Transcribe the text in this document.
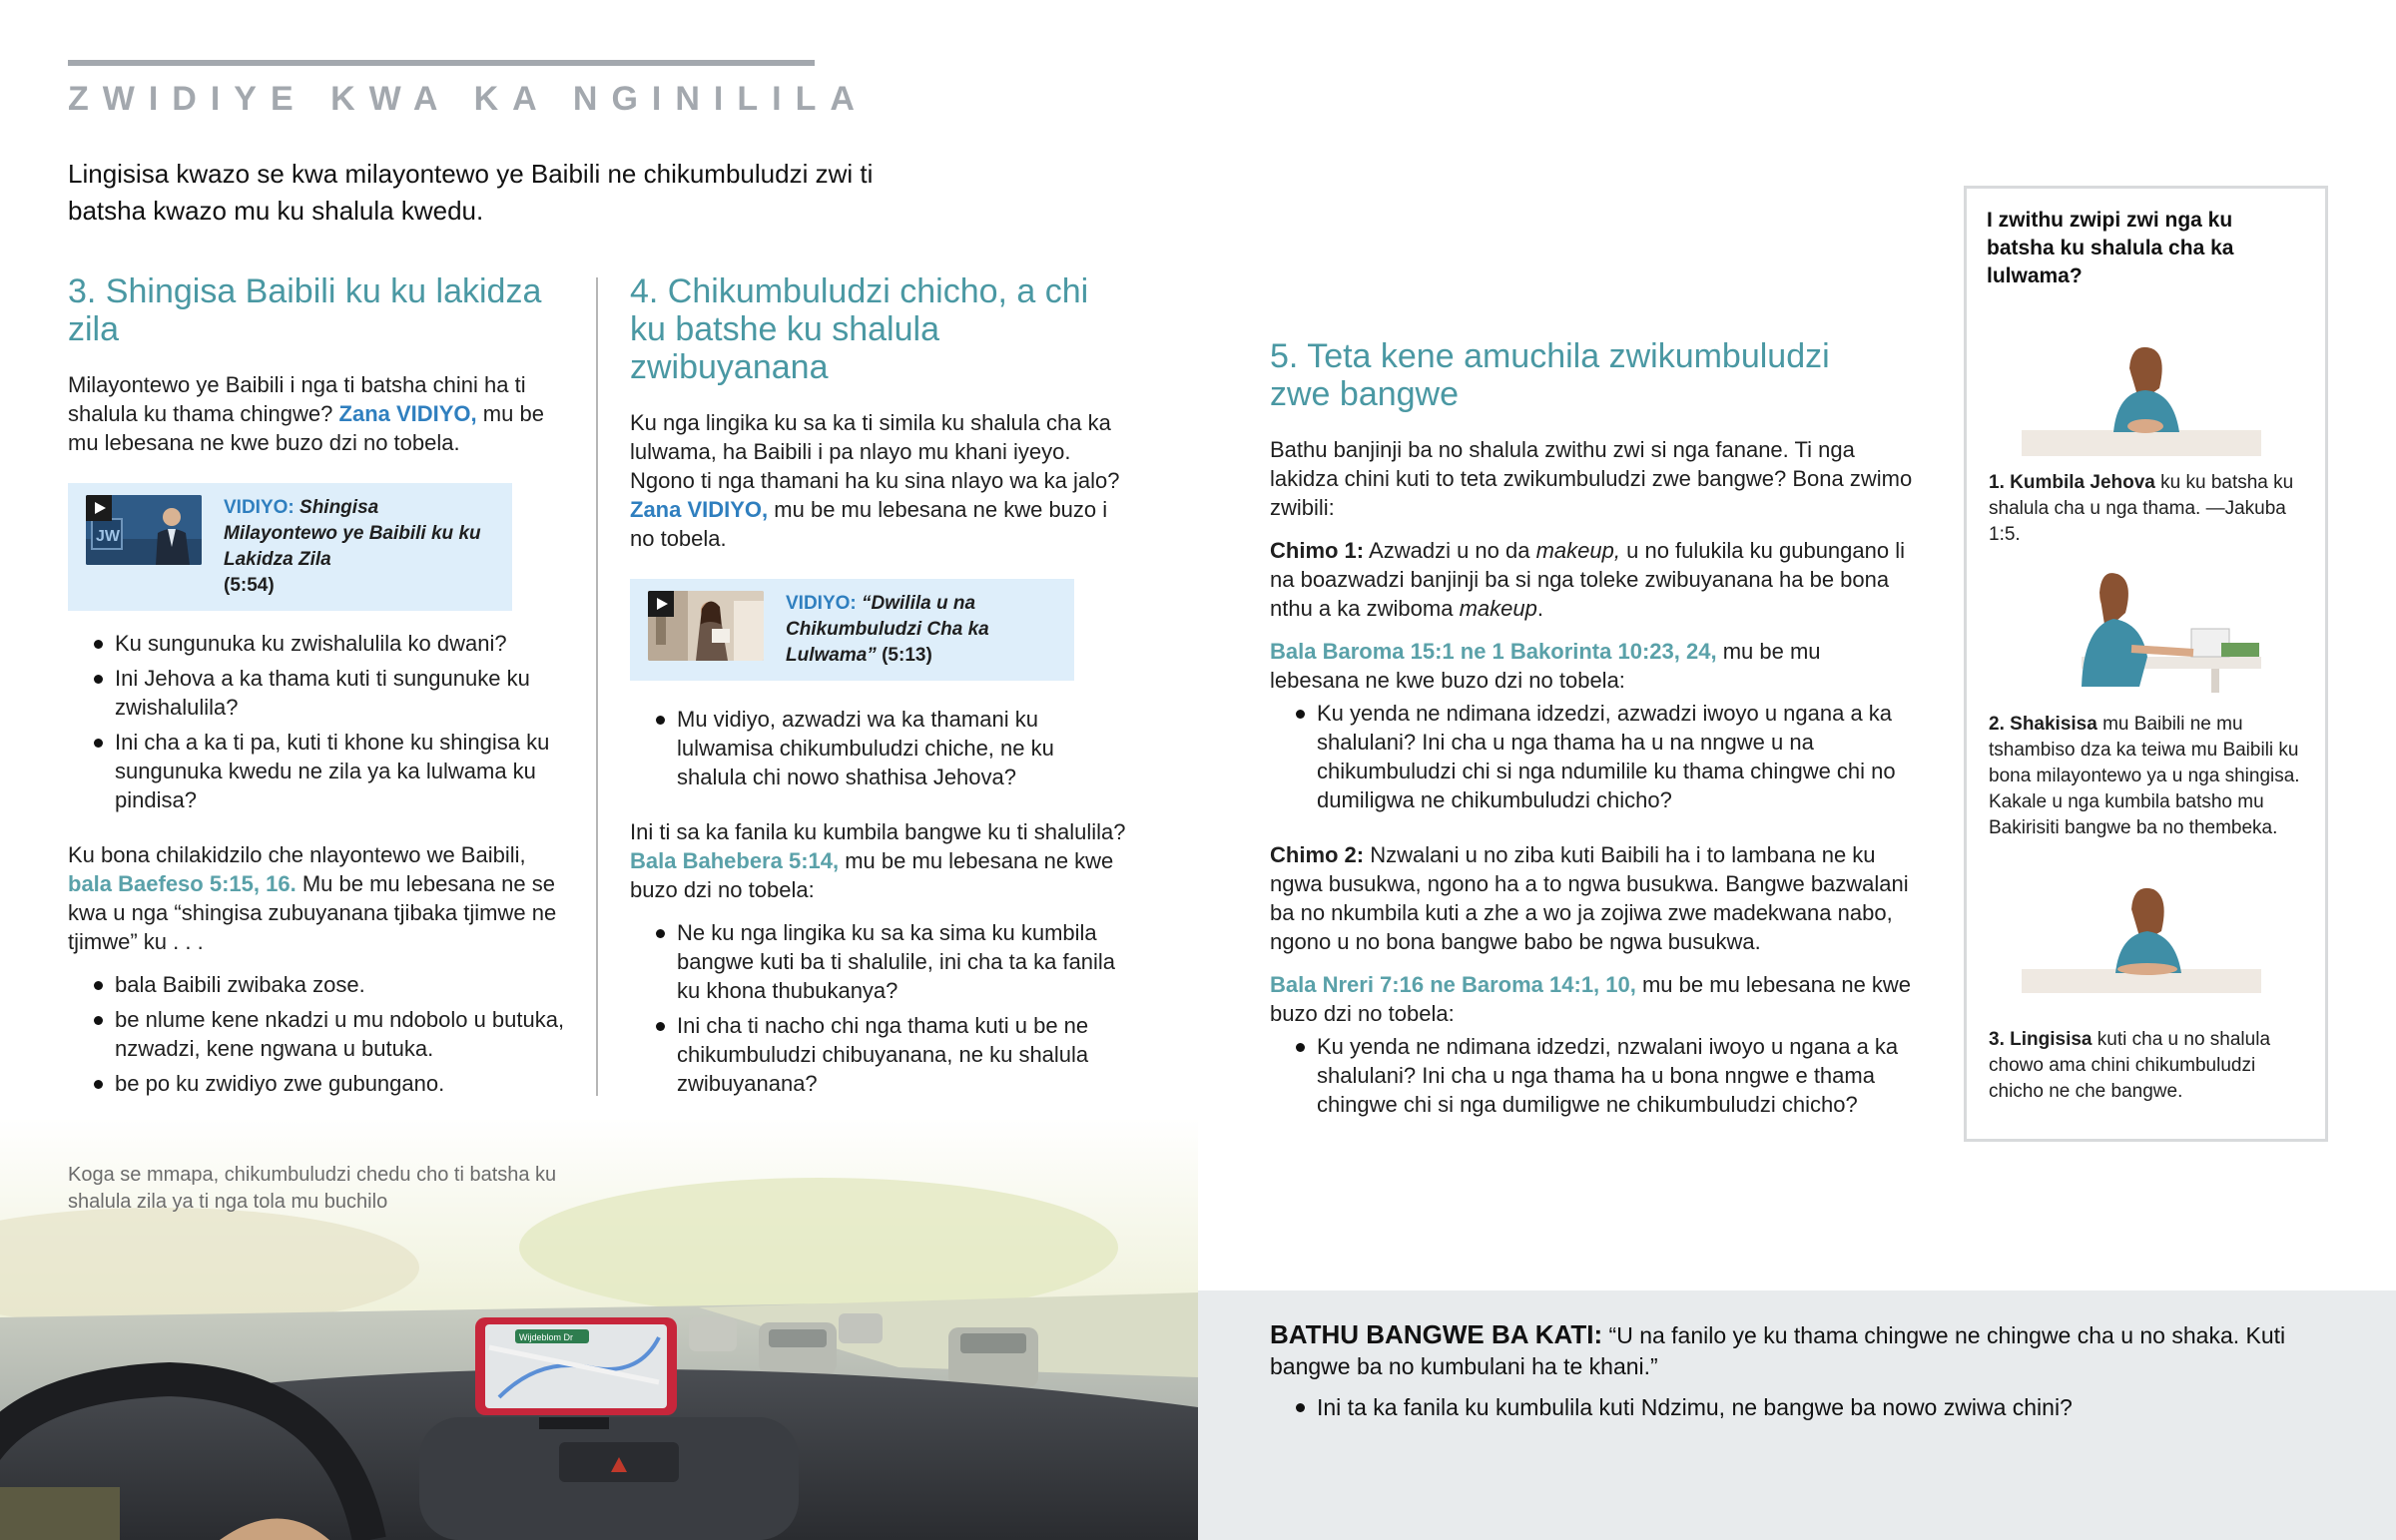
ZWIDIYE KWA KA NGINILILA
Lingisisa kwazo se kwa milayontewo ye Baibili ne chikumbuludzi zwi ti batsha kwazo mu ku shalula kwedu.
3. Shingisa Baibili ku ku lakidza zila

Milayontewo ye Baibili i nga ti batsha chini ha ti shalula ku thama chingwe? Zana VIDIYO, mu be mu lebesana ne kwe buzo dzi no tobela.

JW
VIDIYO: Shingisa Milayontewo ye Baibili ku ku Lakidza Zila
(5:54)
Ku sungunuka ku zwishalulila ko dwani?
Ini Jehova a ka thama kuti ti sungunuke ku zwishalulila?
Ini cha a ka ti pa, kuti ti khone ku shingisa ku sungunuka kwedu ne zila ya ka lulwama ku pindisa?

Ku bona chilakidzilo che nlayontewo we Baibili, bala Baefeso 5:15, 16. Mu be mu lebesana ne se kwa u nga “shingisa zubuyanana tjibaka tjimwe ne tjimwe” ku . . .

bala Baibili zwibaka zose.
be nlume kene nkadzi u mu ndobolo u butuka, nzwadzi, kene ngwana u butuka.
be po ku zwidiyo zwe gubungano.
4. Chikumbuludzi chicho, a chi ku batshe ku shalula zwibuyanana

Ku nga lingika ku sa ka ti simila ku shalula cha ka lulwama, ha Baibili i pa nlayo mu khani iyeyo. Ngono ti nga thamani ha ku sina nlayo wa ka jalo? Zana VIDIYO, mu be mu lebesana ne kwe buzo i no tobela.

VIDIYO: “Dwilila u na Chikumbuludzi Cha ka Lulwama” (5:13)
Mu vidiyo, azwadzi wa ka thamani ku lulwamisa chikumbuludzi chiche, ne ku shalula chi nowo shathisa Jehova?

Ini ti sa ka fanila ku kumbila bangwe ku ti shalulila? Bala Bahebera 5:14, mu be mu lebesana ne kwe buzo dzi no tobela:

Ne ku nga lingika ku sa ka sima ku kumbila bangwe kuti ba ti shalulile, ini cha ta ka fanila ku khona thubukanya?
Ini cha ti nacho chi nga thama kuti u be ne chikumbuludzi chibuyanana, ne ku shalula zwibuyanana?
5. Teta kene amuchila zwikumbuludzi zwe bangwe

Bathu banjinji ba no shalula zwithu zwi si nga fanane. Ti nga lakidza chini kuti to teta zwikumbuludzi zwe bangwe? Bona zwimo zwibili:

Chimo 1: Azwadzi u no da makeup, u no fulukila ku gubungano li na boazwadzi banjinji ba si nga toleke zwibuyanana ha be bona nthu a ka zwiboma makeup.

Bala Baroma 15:1 ne 1 Bakorinta 10:23, 24, mu be mu lebesana ne kwe buzo dzi no tobela:

Ku yenda ne ndimana idzedzi, azwadzi iwoyo u ngana a ka shalulani? Ini cha u nga thama ha u na nngwe u na chikumbuludzi chi si nga ndumilile ku thama chingwe chi no dumiligwa ne chikumbuludzi chicho?

Chimo 2: Nzwalani u no ziba kuti Baibili ha i to lambana ne ku ngwa busukwa, ngono ha a to ngwa busukwa. Bangwe bazwalani ba no nkumbila kuti a zhe a wo ja zojiwa zwe madekwana nabo, ngono u no bona bangwe babo be ngwa busukwa.

Bala Nreri 7:16 ne Baroma 14:1, 10, mu be mu lebesana ne kwe buzo dzi no tobela:

Ku yenda ne ndimana idzedzi, nzwalani iwoyo u ngana a ka shalulani? Ini cha u nga thama ha u bona nngwe e thama chingwe chi si nga dumiligwe ne chikumbuludzi chicho?
I zwithu zwipi zwi nga ku batsha ku shalula cha ka lulwama?
1. Kumbila Jehova ku ku batsha ku shalula cha u nga thama. —Jakuba 1:5.
2. Shakisisa mu Baibili ne mu tshambiso dza ka teiwa mu Baibili ku bona milayontewo ya u nga shingisa. Kakale u nga kumbila batsho mu Bakirisiti bangwe ba no thembeka.
3. Lingisisa kuti cha u no shalula chowo ama chini chikumbuludzi chicho ne che bangwe.
Wijdeblom Dr
Koga se mmapa, chikumbuludzi chedu cho ti batsha ku shalula zila ya ti nga tola mu buchilo

BATHU BANGWE BA KATI: “U na fanilo ye ku thama chingwe ne chingwe cha u no shaka. Kuti bangwe ba no kumbulani ha te khani.”

Ini ta ka fanila ku kumbulila kuti Ndzimu, ne bangwe ba nowo zwiwa chini?
